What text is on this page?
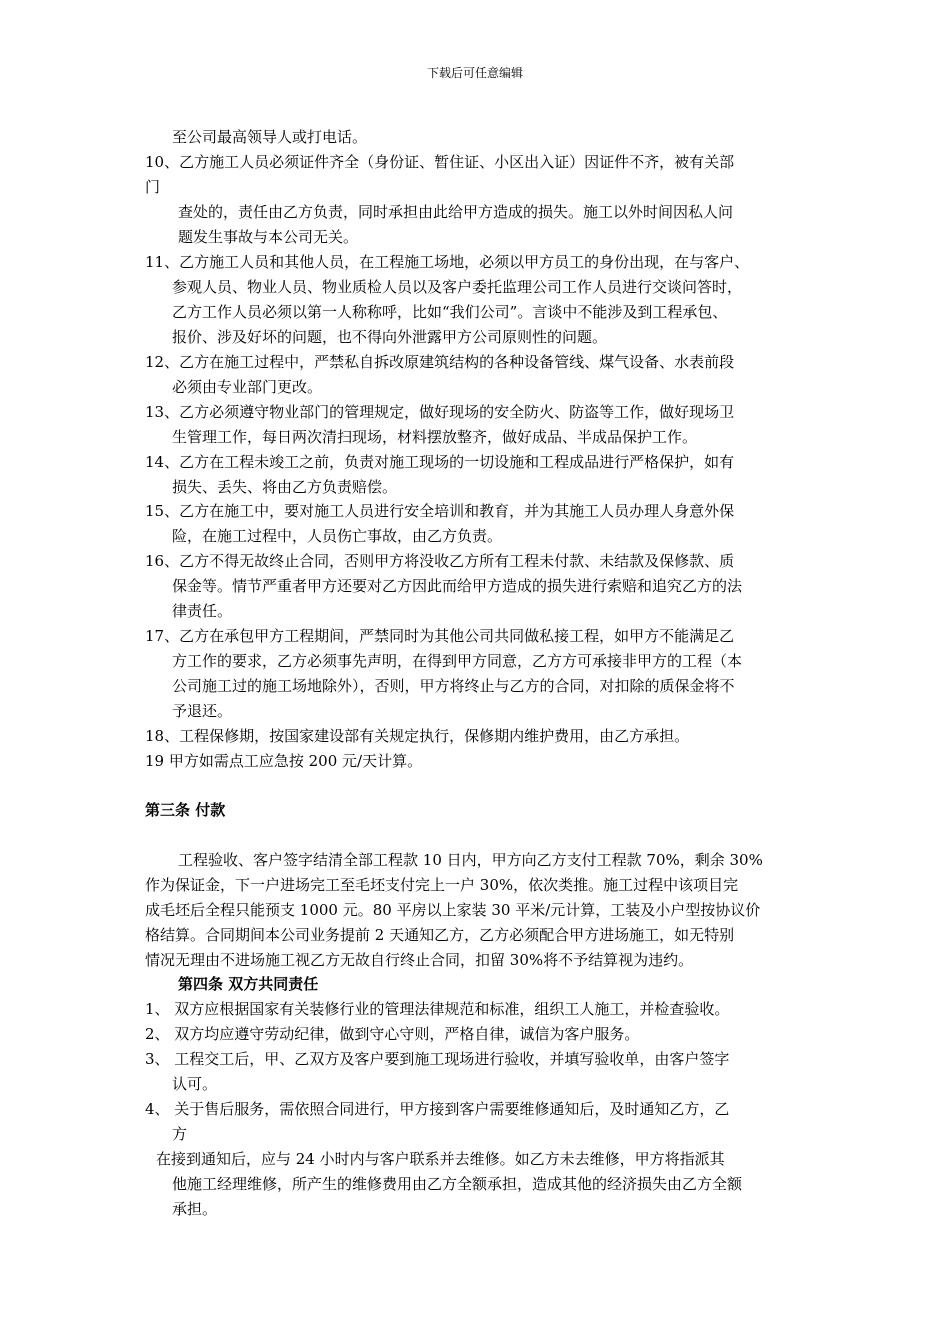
下载后可任意编辑
至公司最高领导人或打电话。
10、乙方施工人员必须证件齐全（身份证、暂住证、小区出入证）因证件不齐，被有关部
门
查处的，责任由乙方负责，同时承担由此给甲方造成的损失。施工以外时间因私人问
题发生事故与本公司无关。
11、乙方施工人员和其他人员，在工程施工场地，必须以甲方员工的身份出现，在与客户、
参观人员、物业人员、物业质检人员以及客户委托监理公司工作人员进行交谈问答时，
乙方工作人员必须以第一人称称呼，比如“我们公司”。言谈中不能涉及到工程承包、
报价、涉及好坏的问题，也不得向外泄露甲方公司原则性的问题。
12、乙方在施工过程中，严禁私自拆改原建筑结构的各种设备管线、煤气设备、水表前段
必须由专业部门更改。
13、乙方必须遵守物业部门的管理规定，做好现场的安全防火、防盗等工作，做好现场卫
生管理工作，每日两次清扫现场，材料摆放整齐，做好成品、半成品保护工作。
14、乙方在工程未竣工之前，负责对施工现场的一切设施和工程成品进行严格保护，如有
损失、丢失、将由乙方负责赔偿。
15、乙方在施工中，要对施工人员进行安全培训和教育，并为其施工人员办理人身意外保
险，在施工过程中，人员伤亡事故，由乙方负责。
16、乙方不得无故终止合同，否则甲方将没收乙方所有工程未付款、未结款及保修款、质
保金等。情节严重者甲方还要对乙方因此而给甲方造成的损失进行索赔和追究乙方的法
律责任。
17、乙方在承包甲方工程期间，严禁同时为其他公司共同做私接工程，如甲方不能满足乙
方工作的要求，乙方必须事先声明，在得到甲方同意，乙方方可承接非甲方的工程（本
公司施工过的施工场地除外），否则，甲方将终止与乙方的合同，对扣除的质保金将不
予退还。
18、工程保修期，按国家建设部有关规定执行，保修期内维护费用，由乙方承担。
19 甲方如需点工应急按 200 元/天计算。
第三条 付款
工程验收、客户签字结清全部工程款 10 日内，甲方向乙方支付工程款 70%，剩余 30%
作为保证金，下一户进场完工至毛坯支付完上一户 30%，依次类推。施工过程中该项目完
成毛坯后全程只能预支 1000 元。80 平房以上家装 30 平米/元计算，工装及小户型按协议价
格结算。合同期间本公司业务提前 2 天通知乙方，乙方必须配合甲方进场施工，如无特别
情况无理由不进场施工视乙方无故自行终止合同，扣留 30%将不予结算视为违约。
第四条 双方共同责任
1、 双方应根据国家有关装修行业的管理法律规范和标准，组织工人施工，并检查验收。
2、 双方均应遵守劳动纪律，做到守心守则，严格自律，诚信为客户服务。
3、 工程交工后，甲、乙双方及客户要到施工现场进行验收，并填写验收单，由客户签字
认可。
4、 关于售后服务，需依照合同进行，甲方接到客户需要维修通知后，及时通知乙方，乙
方
在接到通知后，应与 24 小时内与客户联系并去维修。如乙方未去维修，甲方将指派其
他施工经理维修，所产生的维修费用由乙方全额承担，造成其他的经济损失由乙方全额
承担。
